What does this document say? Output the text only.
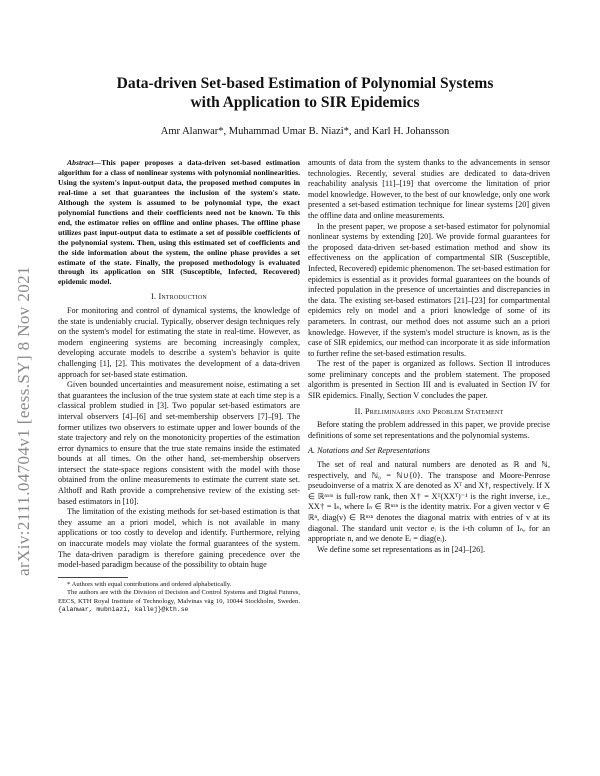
arXiv:2111.04704v1 [eess.SY] 8 Nov 2021
Data-driven Set-based Estimation of Polynomial Systems
with Application to SIR Epidemics
Amr Alanwar*, Muhammad Umar B. Niazi*, and Karl H. Johansson

Abstract—This paper proposes a data-driven set-based estimation algorithm for a class of nonlinear systems with polynomial nonlinearities. Using the system's input-output data, the proposed method computes in real-time a set that guarantees the inclusion of the system's state. Although the system is assumed to be polynomial type, the exact polynomial functions and their coefficients need not be known. To this end, the estimator relies on offline and online phases. The offline phase utilizes past input-output data to estimate a set of possible coefficients of the polynomial system. Then, using this estimated set of coefficients and the side information about the system, the online phase provides a set estimate of the state. Finally, the proposed methodology is evaluated through its application on SIR (Susceptible, Infected, Recovered) epidemic model.

I. Introduction

For monitoring and control of dynamical systems, the knowledge of the state is undeniably crucial. Typically, observer design techniques rely on the system's model for estimating the state in real-time. However, as modern engineering systems are becoming increasingly complex, developing accurate models to describe a system's behavior is quite challenging [1], [2]. This motivates the development of a data-driven approach for set-based state estimation.

Given bounded uncertainties and measurement noise, estimating a set that guarantees the inclusion of the true system state at each time step is a classical problem studied in [3]. Two popular set-based estimators are interval observers [4]–[6] and set-membership observers [7]–[9]. The former utilizes two observers to estimate upper and lower bounds of the state trajectory and rely on the monotonicity properties of the estimation error dynamics to ensure that the true state remains inside the estimated bounds at all times. On the other hand, set-membership observers intersect the state-space regions consistent with the model with those obtained from the online measurements to estimate the current state set. Althoff and Rath provide a comprehensive review of the existing set-based estimators in [10].

The limitation of the existing methods for set-based estimation is that they assume an a priori model, which is not available in many applications or too costly to develop and identify. Furthermore, relying on inaccurate models may violate the formal guarantees of the system. The data-driven paradigm is therefore gaining precedence over the model-based paradigm because of the possibility to obtain huge

* Authors with equal contributions and ordered alphabetically.
The authors are with the Division of Decision and Control Systems and Digital Futures, EECS, KTH Royal Institute of Technology, Malvinas väg 10, 10044 Stockholm, Sweden. {alanwar, mubniazi, kallej}@kth.se

amounts of data from the system thanks to the advancements in sensor technologies. Recently, several studies are dedicated to data-driven reachability analysis [11]–[19] that overcome the limitation of prior model knowledge. However, to the best of our knowledge, only one work presented a set-based estimation technique for linear systems [20] given the offline data and online measurements.

In the present paper, we propose a set-based estimator for polynomial nonlinear systems by extending [20]. We provide formal guarantees for the proposed data-driven set-based estimation method and show its effectiveness on the application of compartmental SIR (Susceptible, Infected, Recovered) epidemic phenomenon. The set-based estimation for epidemics is essential as it provides formal guarantees on the bounds of infected population in the presence of uncertainties and discrepancies in the data. The existing set-based estimators [21]–[23] for compartmental epidemics rely on model and a priori knowledge of some of its parameters. In contrast, our method does not assume such an a priori knowledge. However, if the system's model structure is known, as is the case of SIR epidemics, our method can incorporate it as side information to further refine the set-based estimation results.

The rest of the paper is organized as follows. Section II introduces some preliminary concepts and the problem statement. The proposed algorithm is presented in Section III and is evaluated in Section IV for SIR epidemics. Finally, Section V concludes the paper.

II. Preliminaries and Problem Statement

Before stating the problem addressed in this paper, we provide precise definitions of some set representations and the polynomial systems.

A. Notations and Set Representations

The set of real and natural numbers are denoted as ℝ and ℕ, respectively, and ℕ₀ = ℕ∪{0}. The transpose and Moore-Penrose pseudoinverse of a matrix X are denoted as Xᵀ and X†, respectively. If X ∈ ℝⁿˣᵐ is full-row rank, then X† = Xᵀ(XXᵀ)⁻¹ is the right inverse, i.e., XX† = Iₙ, where Iₙ ∈ ℝⁿˣⁿ is the identity matrix. For a given vector v ∈ ℝⁿ, diag(v) ∈ ℝⁿˣⁿ denotes the diagonal matrix with entries of v at its diagonal. The standard unit vector eᵢ is the i-th column of Iₙ, for an appropriate n, and we denote Eᵢ = diag(eᵢ).

We define some set representations as in [24]–[26].
